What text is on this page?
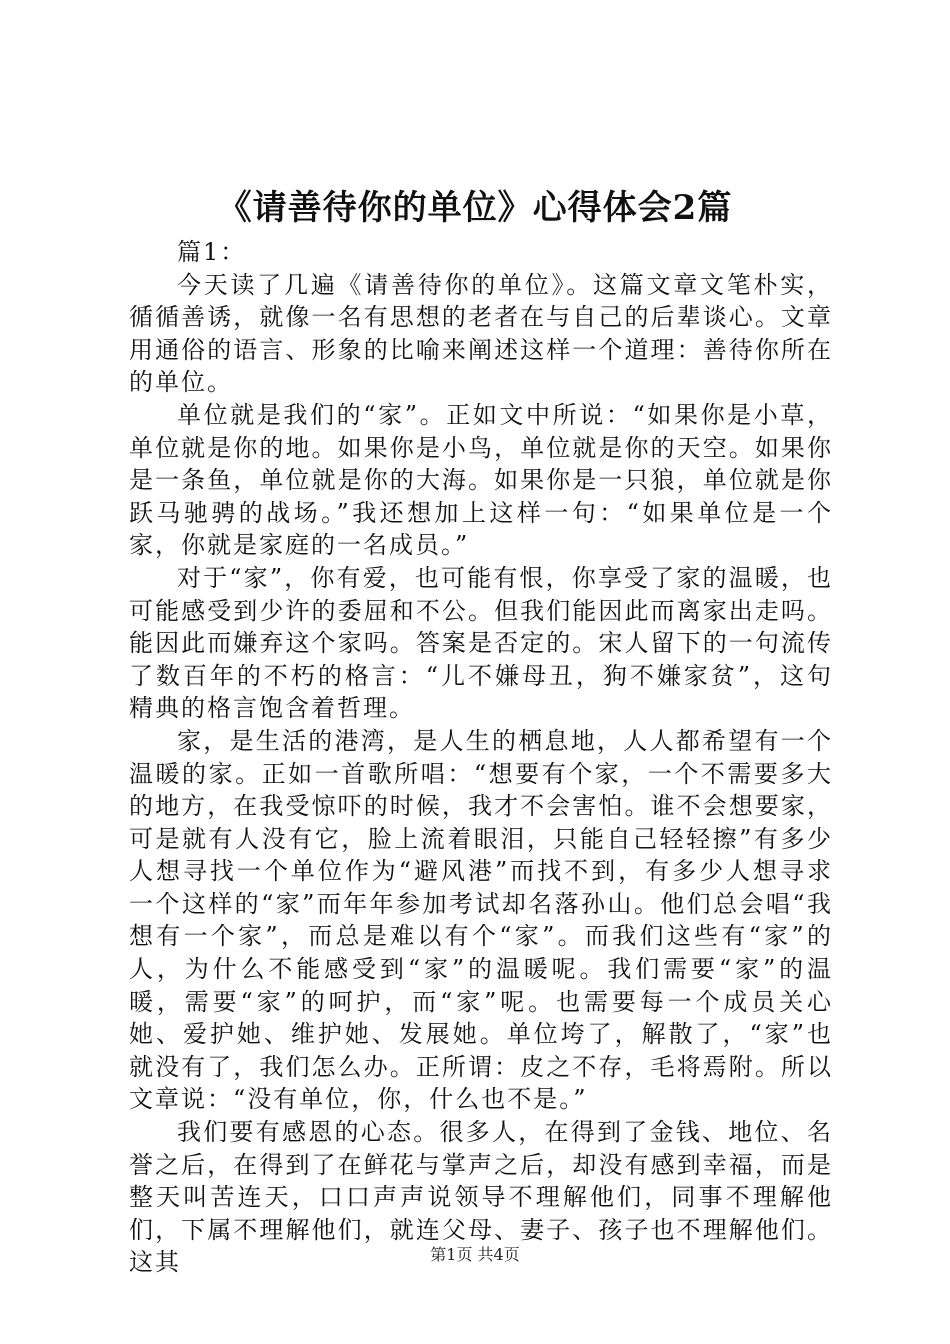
《请善待你的单位》心得体会2篇

篇1：

今天读了几遍《请善待你的单位》。这篇文章文笔朴实，循循善诱，就像一名有思想的老者在与自己的后辈谈心。文章用通俗的语言、形象的比喻来阐述这样一个道理：善待你所在的单位。

单位就是我们的“家”。正如文中所说：“如果你是小草，单位就是你的地。如果你是小鸟，单位就是你的天空。如果你是一条鱼，单位就是你的大海。如果你是一只狼，单位就是你跃马驰骋的战场。”我还想加上这样一句：“如果单位是一个家，你就是家庭的一名成员。”

对于“家”，你有爱，也可能有恨，你享受了家的温暖，也可能感受到少许的委屈和不公。但我们能因此而离家出走吗。能因此而嫌弃这个家吗。答案是否定的。宋人留下的一句流传了数百年的不朽的格言：“儿不嫌母丑，狗不嫌家贫”，这句精典的格言饱含着哲理。

家，是生活的港湾，是人生的栖息地，人人都希望有一个温暖的家。正如一首歌所唱：“想要有个家，一个不需要多大的地方，在我受惊吓的时候，我才不会害怕。谁不会想要家，可是就有人没有它，脸上流着眼泪，只能自己轻轻擦”有多少人想寻找一个单位作为“避风港”而找不到，有多少人想寻求一个这样的“家”而年年参加考试却名落孙山。他们总会唱“我想有一个家”，而总是难以有个“家”。而我们这些有“家”的人，为什么不能感受到“家”的温暖呢。我们需要“家”的温暖，需要“家”的呵护，而“家”呢。也需要每一个成员关心她、爱护她、维护她、发展她。单位垮了，解散了，“家”也就没有了，我们怎么办。正所谓：皮之不存，毛将焉附。所以文章说：“没有单位，你，什么也不是。”

我们要有感恩的心态。很多人，在得到了金钱、地位、名誉之后，在得到了在鲜花与掌声之后，却没有感到幸福，而是整天叫苦连天，口口声声说领导不理解他们，同事不理解他们，下属不理解他们，就连父母、妻子、孩子也不理解他们。这其	第1页 共4页
